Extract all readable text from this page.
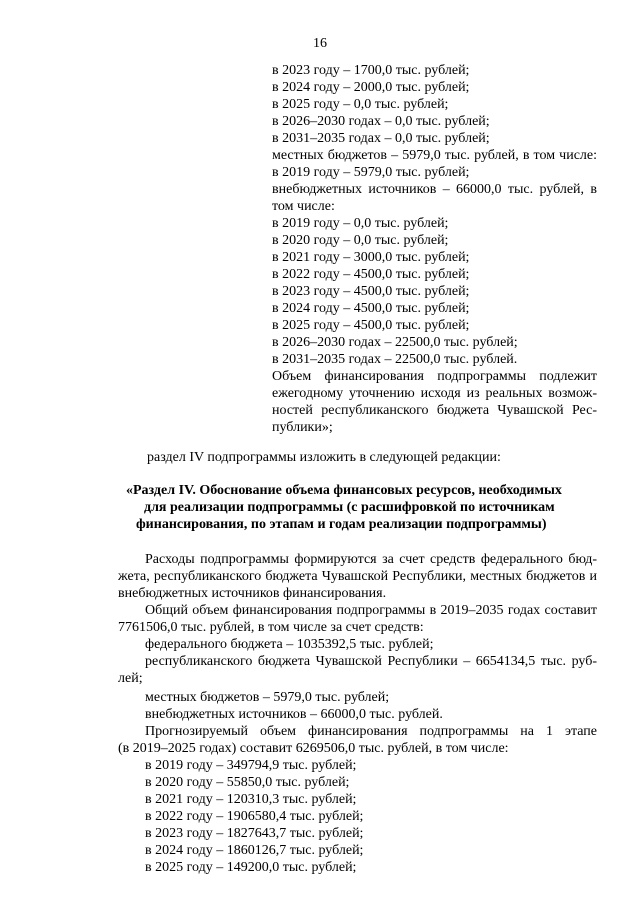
16
в 2023 году – 1700,0 тыс. рублей;
в 2024 году – 2000,0 тыс. рублей;
в 2025 году – 0,0 тыс. рублей;
в 2026–2030 годах – 0,0 тыс. рублей;
в 2031–2035 годах – 0,0 тыс. рублей;
местных бюджетов – 5979,0 тыс. рублей, в том числе:
в 2019 году – 5979,0 тыс. рублей;
внебюджетных источников – 66000,0 тыс. рублей, в
том числе:
в 2019 году – 0,0 тыс. рублей;
в 2020 году – 0,0 тыс. рублей;
в 2021 году – 3000,0 тыс. рублей;
в 2022 году – 4500,0 тыс. рублей;
в 2023 году – 4500,0 тыс. рублей;
в 2024 году – 4500,0 тыс. рублей;
в 2025 году – 4500,0 тыс. рублей;
в 2026–2030 годах – 22500,0 тыс. рублей;
в 2031–2035 годах – 22500,0 тыс. рублей.
Объем финансирования подпрограммы подлежит
ежегодному уточнению исходя из реальных возмож-
ностей республиканского бюджета Чувашской Рес-
публики»;
раздел IV подпрограммы изложить в следующей редакции:
«Раздел IV. Обоснование объема финансовых ресурсов, необходимых
для реализации подпрограммы (с расшифровкой по источникам
финансирования, по этапам и годам реализации подпрограммы)
Расходы подпрограммы формируются за счет средств федерального бюд-
жета, республиканского бюджета Чувашской Республики, местных бюджетов и
внебюджетных источников финансирования.
Общий объем финансирования подпрограммы в 2019–2035 годах составит
7761506,0 тыс. рублей, в том числе за счет средств:
федерального бюджета – 1035392,5 тыс. рублей;
республиканского бюджета Чувашской Республики – 6654134,5 тыс. руб-
лей;
местных бюджетов – 5979,0 тыс. рублей;
внебюджетных источников – 66000,0 тыс. рублей.
Прогнозируемый объем финансирования подпрограммы на 1 этапе
(в 2019–2025 годах) составит 6269506,0 тыс. рублей, в том числе:
в 2019 году – 349794,9 тыс. рублей;
в 2020 году – 55850,0 тыс. рублей;
в 2021 году – 120310,3 тыс. рублей;
в 2022 году – 1906580,4 тыс. рублей;
в 2023 году – 1827643,7 тыс. рублей;
в 2024 году – 1860126,7 тыс. рублей;
в 2025 году – 149200,0 тыс. рублей;
